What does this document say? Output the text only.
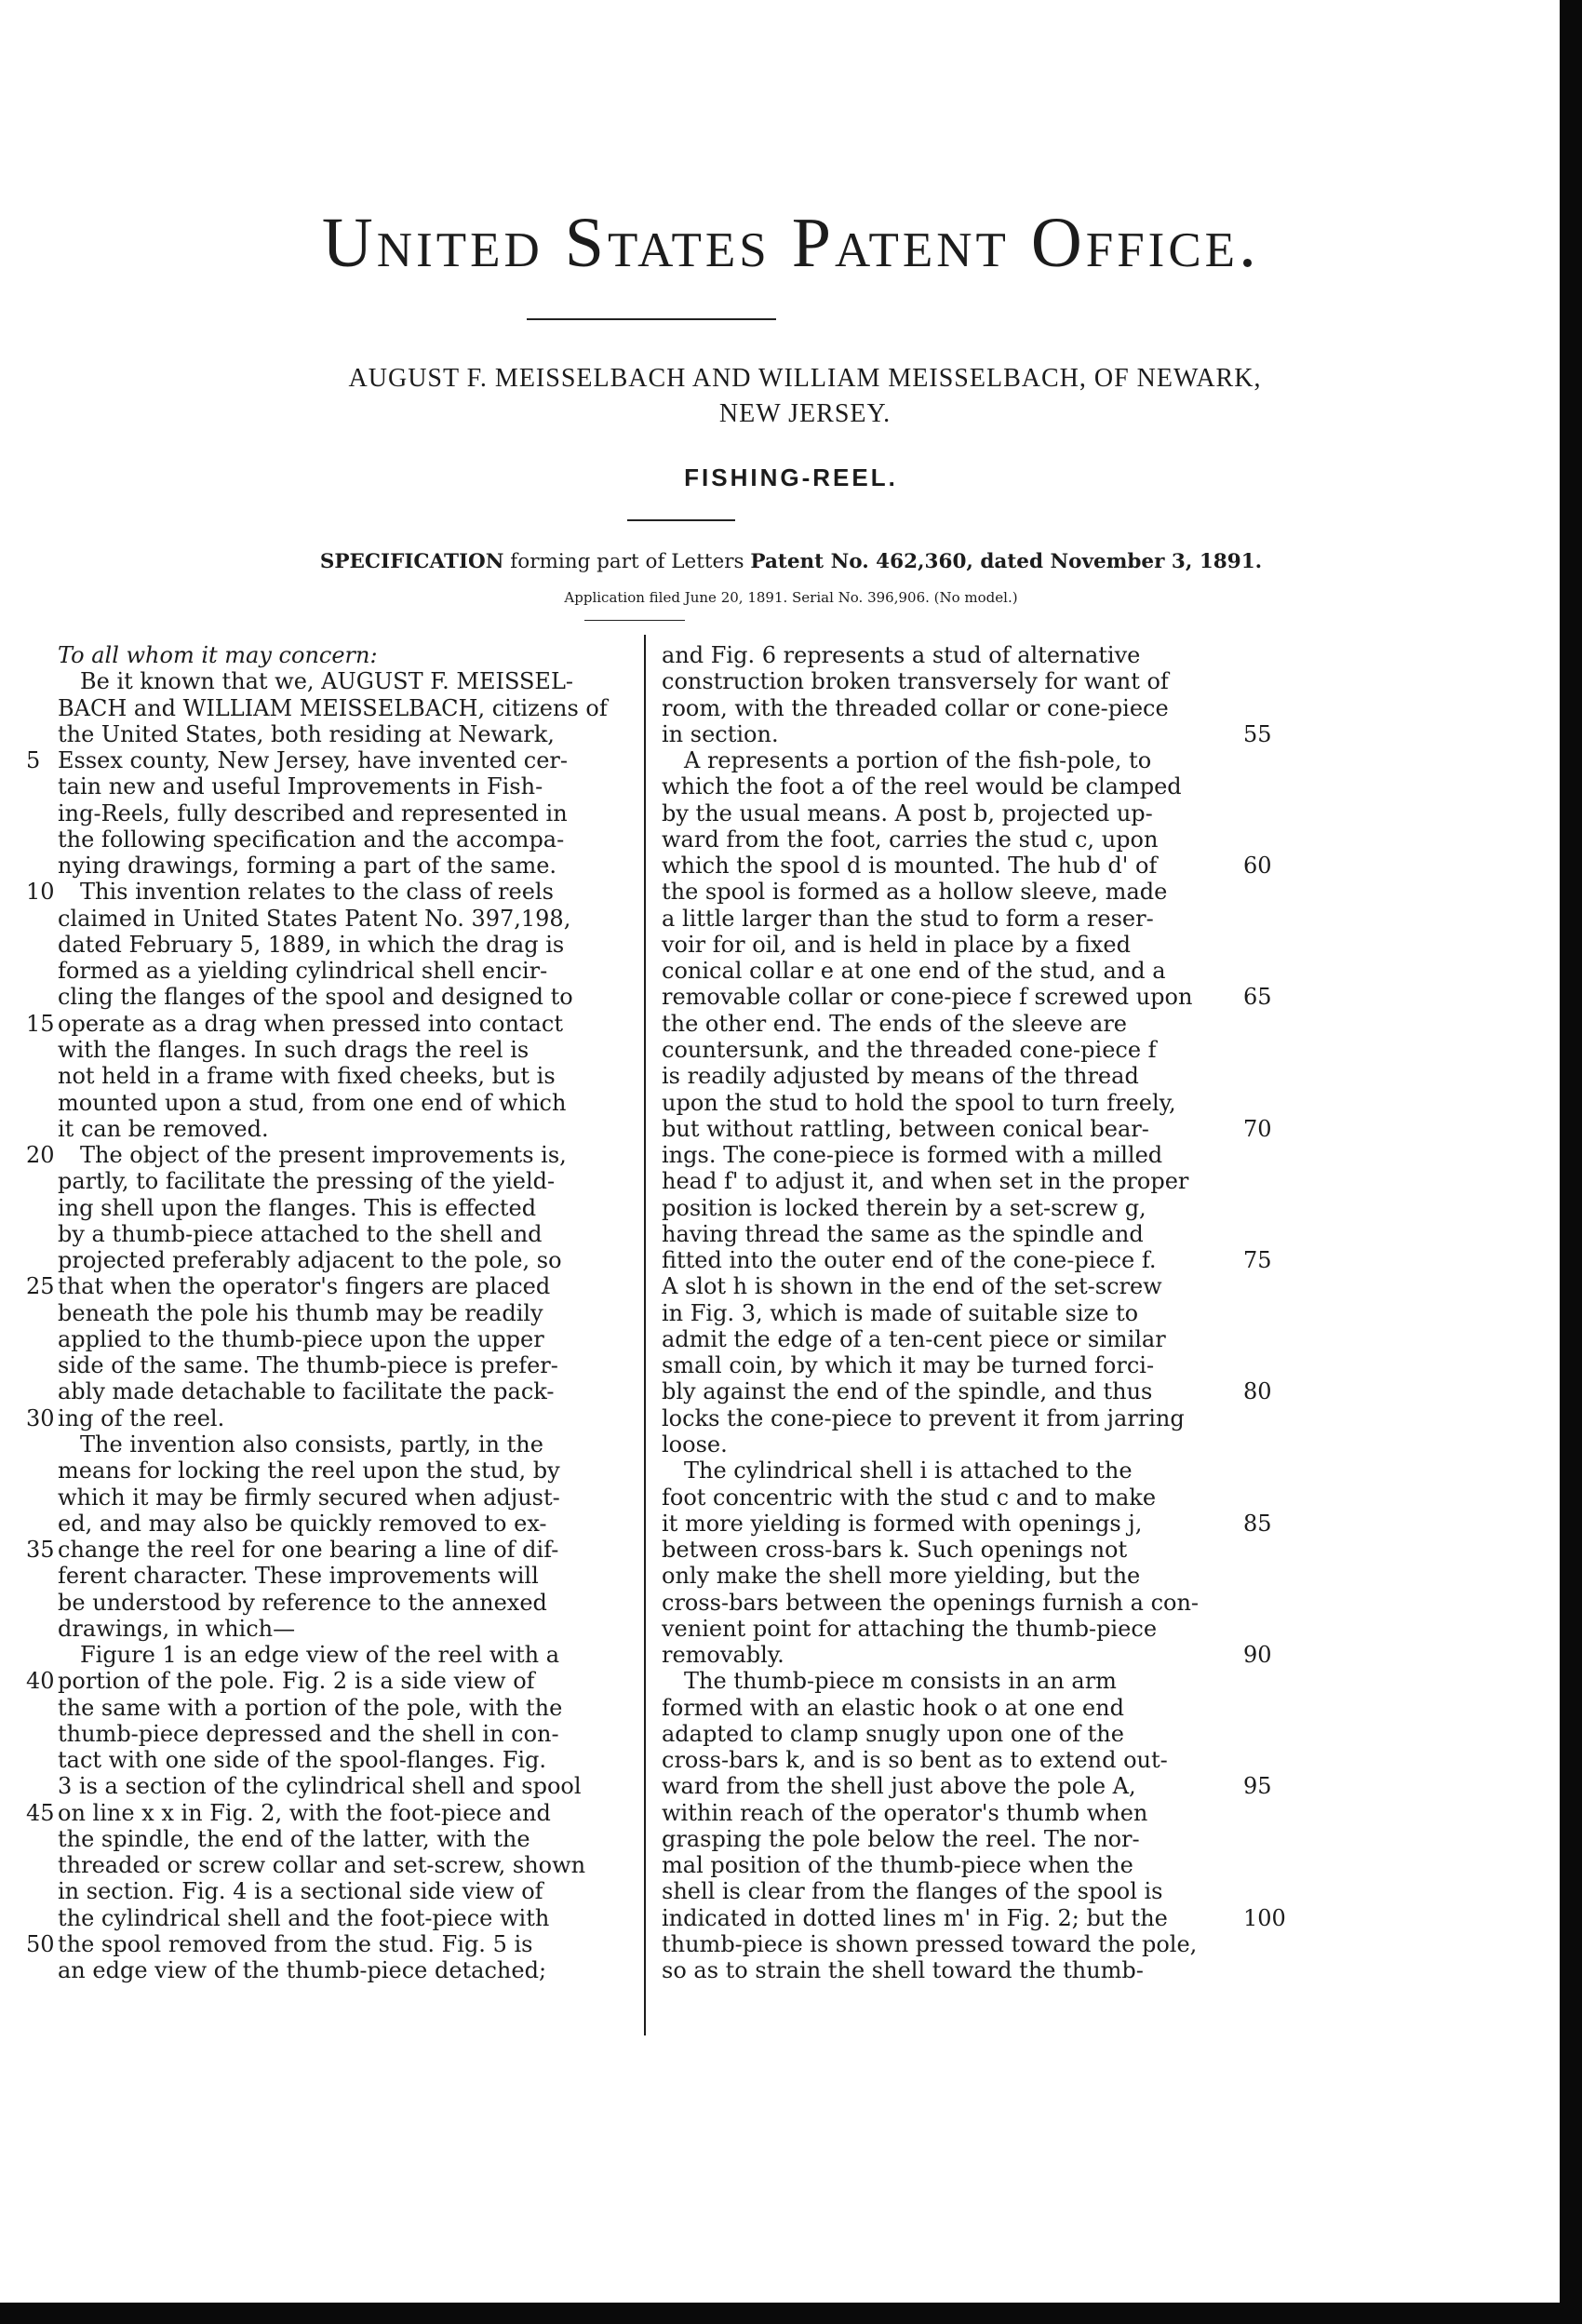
United States Patent Office.
AUGUST F. MEISSELBACH AND WILLIAM MEISSELBACH, OF NEWARK,
NEW JERSEY.
FISHING-REEL.
SPECIFICATION forming part of Letters Patent No. 462,360, dated November 3, 1891.
Application filed June 20, 1891. Serial No. 396,906. (No model.)
5
10
15
20
25
30
35
40
45
50
To all whom it may concern:
 Be it known that we, AUGUST F. MEISSEL-
BACH and WILLIAM MEISSELBACH, citizens of
the United States, both residing at Newark,
Essex county, New Jersey, have invented cer-
tain new and useful Improvements in Fish-
ing-Reels, fully described and represented in
the following specification and the accompa-
nying drawings, forming a part of the same.
 This invention relates to the class of reels
claimed in United States Patent No. 397,198,
dated February 5, 1889, in which the drag is
formed as a yielding cylindrical shell encir-
cling the flanges of the spool and designed to
operate as a drag when pressed into contact
with the flanges. In such drags the reel is
not held in a frame with fixed cheeks, but is
mounted upon a stud, from one end of which
it can be removed.
 The object of the present improvements is,
partly, to facilitate the pressing of the yield-
ing shell upon the flanges. This is effected
by a thumb-piece attached to the shell and
projected preferably adjacent to the pole, so
that when the operator's fingers are placed
beneath the pole his thumb may be readily
applied to the thumb-piece upon the upper
side of the same. The thumb-piece is prefer-
ably made detachable to facilitate the pack-
ing of the reel.
 The invention also consists, partly, in the
means for locking the reel upon the stud, by
which it may be firmly secured when adjust-
ed, and may also be quickly removed to ex-
change the reel for one bearing a line of dif-
ferent character. These improvements will
be understood by reference to the annexed
drawings, in which—
 Figure 1 is an edge view of the reel with a
portion of the pole. Fig. 2 is a side view of
the same with a portion of the pole, with the
thumb-piece depressed and the shell in con-
tact with one side of the spool-flanges. Fig.
3 is a section of the cylindrical shell and spool
on line x x in Fig. 2, with the foot-piece and
the spindle, the end of the latter, with the
threaded or screw collar and set-screw, shown
in section. Fig. 4 is a sectional side view of
the cylindrical shell and the foot-piece with
the spool removed from the stud. Fig. 5 is
an edge view of the thumb-piece detached;
and Fig. 6 represents a stud of alternative
construction broken transversely for want of
room, with the threaded collar or cone-piece
in section.
 A represents a portion of the fish-pole, to
which the foot a of the reel would be clamped
by the usual means. A post b, projected up-
ward from the foot, carries the stud c, upon
which the spool d is mounted. The hub d' of
the spool is formed as a hollow sleeve, made
a little larger than the stud to form a reser-
voir for oil, and is held in place by a fixed
conical collar e at one end of the stud, and a
removable collar or cone-piece f screwed upon
the other end. The ends of the sleeve are
countersunk, and the threaded cone-piece f
is readily adjusted by means of the thread
upon the stud to hold the spool to turn freely,
but without rattling, between conical bear-
ings. The cone-piece is formed with a milled
head f' to adjust it, and when set in the proper
position is locked therein by a set-screw g,
having thread the same as the spindle and
fitted into the outer end of the cone-piece f.
A slot h is shown in the end of the set-screw
in Fig. 3, which is made of suitable size to
admit the edge of a ten-cent piece or similar
small coin, by which it may be turned forci-
bly against the end of the spindle, and thus
locks the cone-piece to prevent it from jarring
loose.
 The cylindrical shell i is attached to the
foot concentric with the stud c and to make
it more yielding is formed with openings j,
between cross-bars k. Such openings not
only make the shell more yielding, but the
cross-bars between the openings furnish a con-
venient point for attaching the thumb-piece
removably.
 The thumb-piece m consists in an arm
formed with an elastic hook o at one end
adapted to clamp snugly upon one of the
cross-bars k, and is so bent as to extend out-
ward from the shell just above the pole A,
within reach of the operator's thumb when
grasping the pole below the reel. The nor-
mal position of the thumb-piece when the
shell is clear from the flanges of the spool is
indicated in dotted lines m' in Fig. 2; but the
thumb-piece is shown pressed toward the pole,
so as to strain the shell toward the thumb-
55
60
65
70
75
80
85
90
95
100
